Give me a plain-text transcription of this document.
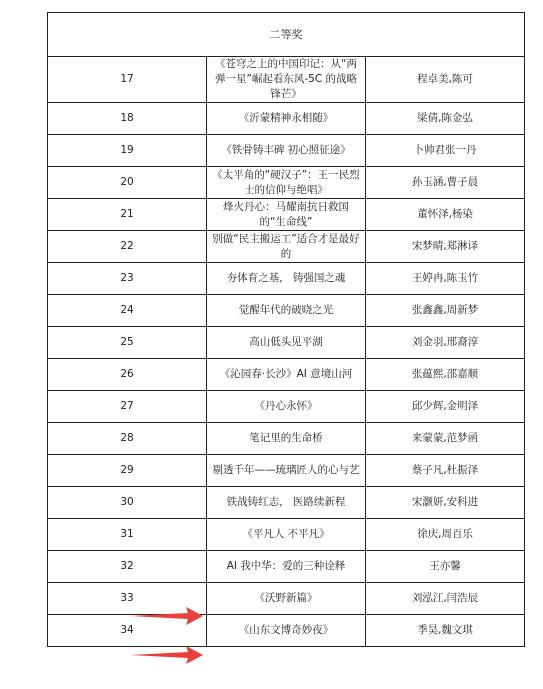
二等奖		
17	《苍穹之上的中国印记：从“两弹一星”崛起看东风-5C 的战略锋芒》	程卓美,陈可
18	《沂蒙精神永相随》	梁倩,陈金弘
19	《铁骨铸丰碑 初心照征途》	卜帅君张一丹
20	《太平角的“硬汉子”：王一民烈士的信仰与绝唱》	孙玉涵,曹子晨
21	烽火丹心：马耀南抗日救国的“生命线”	董怀泽,杨染
22	别做“民主搬运工”适合才是最好的	宋梦晴,郑淋译
23	夯体育之基， 铸强国之魂	王婷冉,陈玉竹
24	觉醒年代的破晓之光	张鑫鑫,周新梦
25	高山低头见平湖	刘金羽,邢裔淳
26	《沁园春·长沙》AI 意境山河	张蕴熙,邵嘉顺
27	《丹心永怀》	邱少辉,金明泽
28	笔记里的生命桥	来蒙蒙,范梦函
29	剔透千年——琉璃匠人的心与艺	蔡子凡,杜振泽
30	铁战铸红志， 医路续新程	宋灏妍,安科进
31	《平凡人 不平凡》	徐庆,周百乐
32	AI 我中华：爱的三种诠释	王亦馨
33	《沃野新篇》	刘泓江,闫浩辰
34	《山东文博奇妙夜》	季昊,魏文琪
